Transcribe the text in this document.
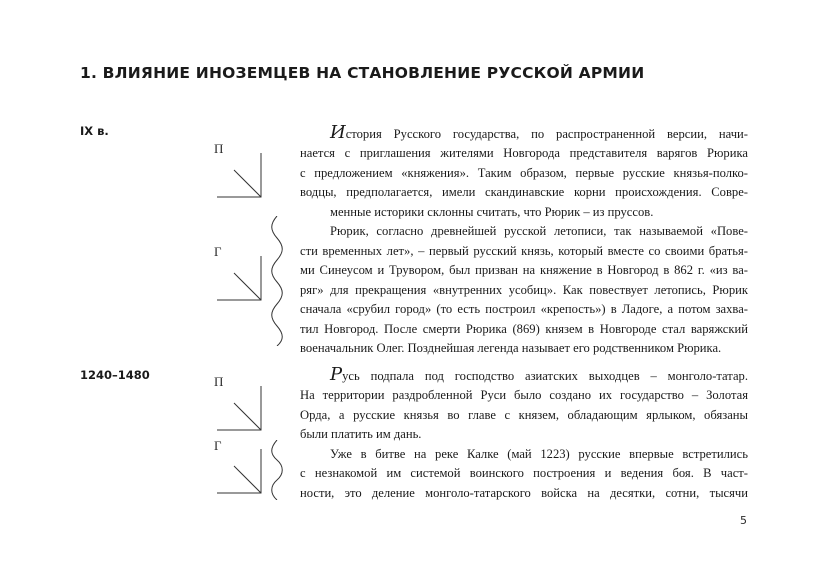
1. ВЛИЯНИЕ ИНОЗЕМЦЕВ НА СТАНОВЛЕНИЕ РУССКОЙ АРМИИ
IX в.
П
Г

История Русского государства, по распространенной версии, начи-
нается с приглашения жителями Новгорода представителя варягов Рюрика
с предложением «княжения». Таким образом, первые русские князья-полко-
водцы, предполагается, имели скандинавские корни происхождения. Совре-
менные историки склонны считать, что Рюрик – из пруссов.

Рюрик, согласно древнейшей русской летописи, так называемой «Пове-
сти временных лет», – первый русский князь, который вместе со своими братья-
ми Синеусом и Трувором, был призван на княжение в Новгород в 862 г. «из ва-
ряг» для прекращения «внутренних усобиц». Как повествует летопись, Рюрик
сначала «срубил город» (то есть построил «крепость») в Ладоге, а потом захва-
тил Новгород. После смерти Рюрика (869) князем в Новгороде стал варяжский
военачальник Олег. Позднейшая легенда называет его родственником Рюрика.

1240–1480	П
Г

Русь подпала под господство азиатских выходцев – монголо-татар.
На территории раздробленной Руси было создано их государство – Золотая
Орда, а русские князья во главе с князем, обладающим ярлыком, обязаны
были платить им дань.

Уже в битве на реке Калке (май 1223) русские впервые встретились
с незнакомой им системой воинского построения и ведения боя. В част-
ности, это деление монголо-татарского войска на десятки, сотни, тысячи

5
